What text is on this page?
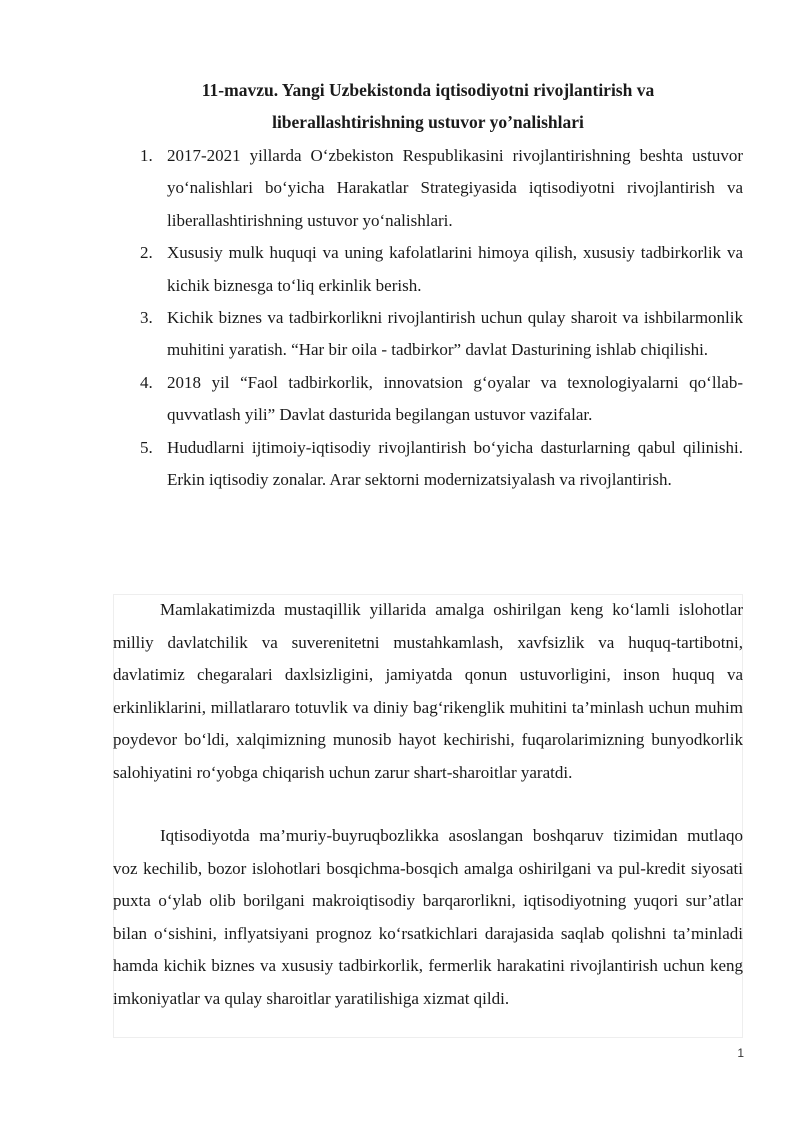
11-mavzu. Yangi Uzbekistonda iqtisodiyotni rivojlantirish va
liberallashtirishning ustuvor yo’nalishlari
1. 2017-2021 yillarda O‘zbekiston Respublikasini rivojlantirishning beshta ustuvor yo‘nalishlari bo‘yicha Harakatlar Strategiyasida iqtisodiyotni rivojlantirish va liberallashtirishning ustuvor yo‘nalishlari.
2. Xususiy mulk huquqi va uning kafolatlarini himoya qilish, xususiy tadbirkorlik va kichik biznesga to‘liq erkinlik berish.
3. Kichik biznes va tadbirkorlikni rivojlantirish uchun qulay sharoit va ishbilarmonlik muhitini yaratish. “Har bir oila - tadbirkor” davlat Dasturining ishlab chiqilishi.
4. 2018 yil “Faol tadbirkorlik, innovatsion g‘oyalar va texnologiyalarni qo‘llab-quvvatlash yili” Davlat dasturida begilangan ustuvor vazifalar.
5. Hududlarni ijtimoiy-iqtisodiy rivojlantirish bo‘yicha dasturlarning qabul qilinishi. Erkin iqtisodiy zonalar. Arar sektorni modernizatsiyalash va rivojlantirish.

Mamlakatimizda mustaqillik yillarida amalga oshirilgan keng ko‘lamli islohotlar milliy davlatchilik va suverenitetni mustahkamlash, xavfsizlik va huquq-tartibotni, davlatimiz chegaralari daxlsizligini, jamiyatda qonun ustuvorligini, inson huquq va erkinliklarini, millatlararo totuvlik va diniy bag‘rikenglik muhitini ta’minlash uchun muhim poydevor bo‘ldi, xalqimizning munosib hayot kechirishi, fuqarolarimizning bunyodkorlik salohiyatini ro‘yobga chiqarish uchun zarur shart-sharoitlar yaratdi.

Iqtisodiyotda ma’muriy-buyruqbozlikka asoslangan boshqaruv tizimidan mutlaqo voz kechilib, bozor islohotlari bosqichma-bosqich amalga oshirilgani va pul-kredit siyosati puxta o‘ylab olib borilgani makroiqtisodiy barqarorlikni, iqtisodiyotning yuqori sur’atlar bilan o‘sishini, inflyatsiyani prognoz ko‘rsatkichlari darajasida saqlab qolishni ta’minladi hamda kichik biznes va xususiy tadbirkorlik, fermerlik harakatini rivojlantirish uchun keng imkoniyatlar va qulay sharoitlar yaratilishiga xizmat qildi.

1
